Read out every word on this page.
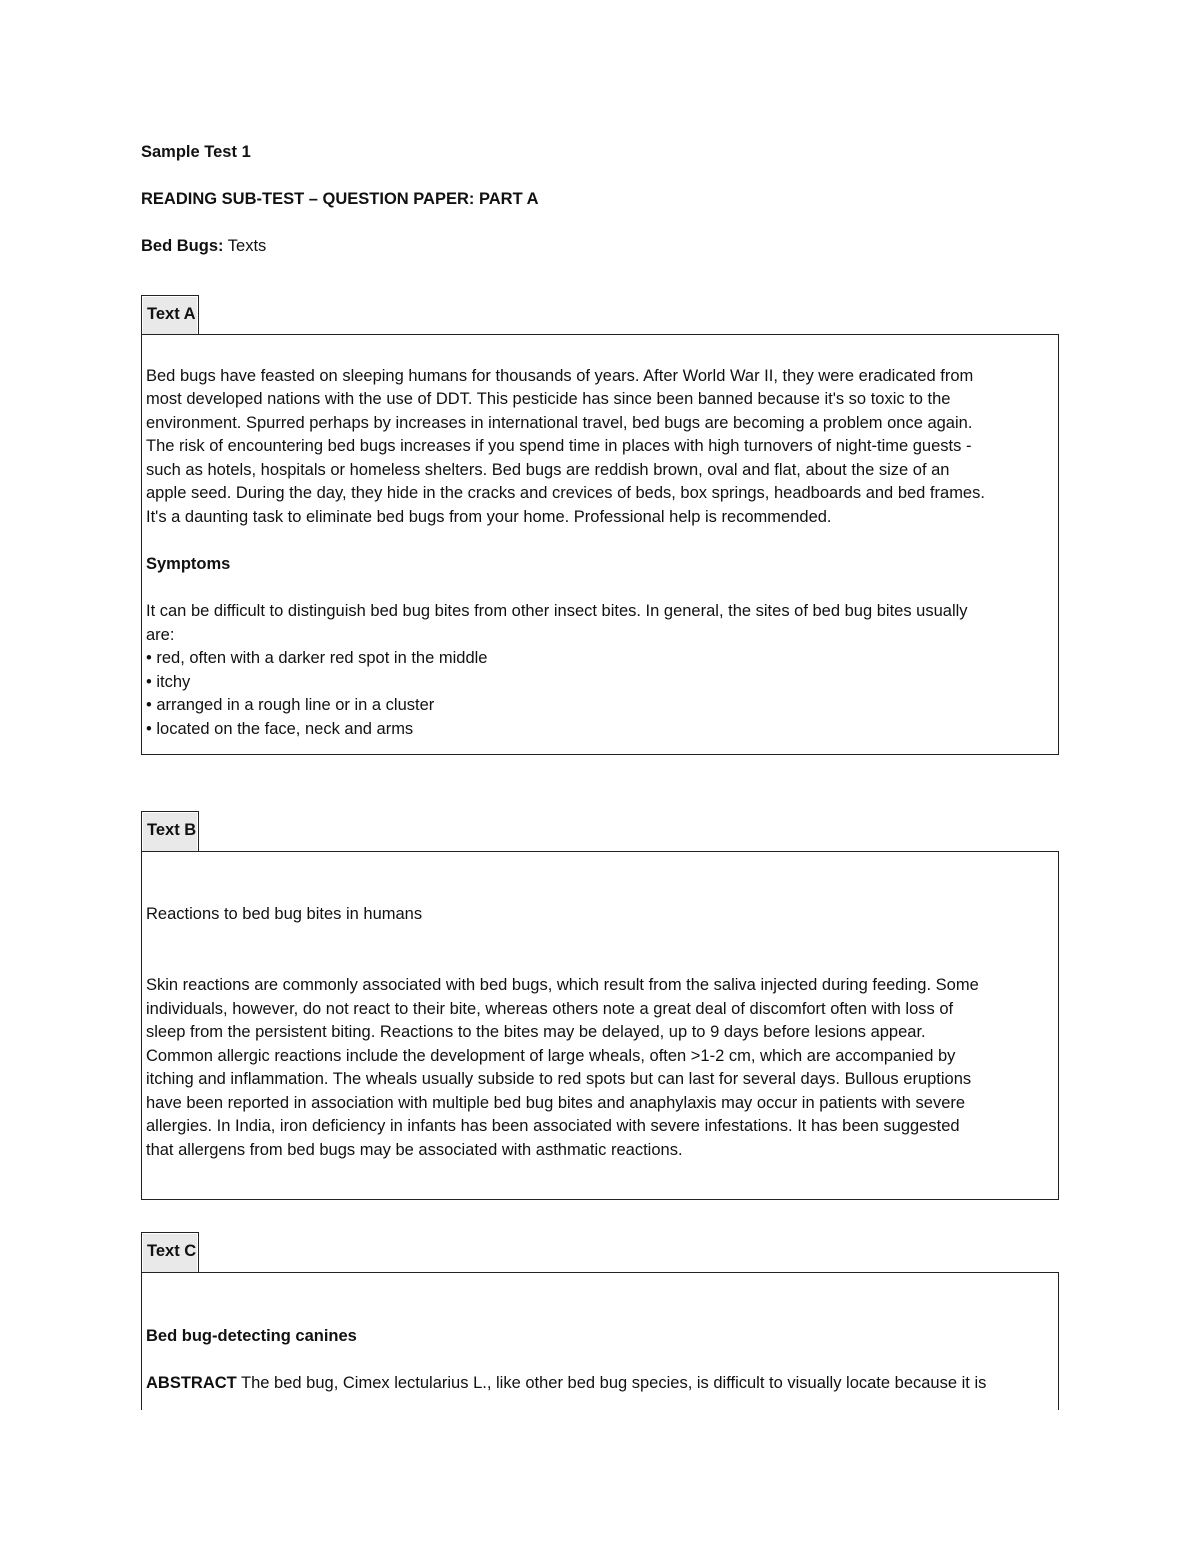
Sample Test 1
READING SUB-TEST – QUESTION PAPER: PART A
Bed Bugs: Texts
Text A
Bed bugs have feasted on sleeping humans for thousands of years. After World War II, they were eradicated from
most developed nations with the use of DDT. This pesticide has since been banned because it's so toxic to the
environment. Spurred perhaps by increases in international travel, bed bugs are becoming a problem once again.
The risk of encountering bed bugs increases if you spend time in places with high turnovers of night-time guests -
such as hotels, hospitals or homeless shelters. Bed bugs are reddish brown, oval and flat, about the size of an
apple seed. During the day, they hide in the cracks and crevices of beds, box springs, headboards and bed frames.
It's a daunting task to eliminate bed bugs from your home. Professional help is recommended.
Symptoms
It can be difficult to distinguish bed bug bites from other insect bites. In general, the sites of bed bug bites usually
are:
• red, often with a darker red spot in the middle
• itchy
• arranged in a rough line or in a cluster
• located on the face, neck and arms
Text B
Reactions to bed bug bites in humans
Skin reactions are commonly associated with bed bugs, which result from the saliva injected during feeding. Some
individuals, however, do not react to their bite, whereas others note a great deal of discomfort often with loss of
sleep from the persistent biting. Reactions to the bites may be delayed, up to 9 days before lesions appear.
Common allergic reactions include the development of large wheals, often >1-2 cm, which are accompanied by
itching and inflammation. The wheals usually subside to red spots but can last for several days. Bullous eruptions
have been reported in association with multiple bed bug bites and anaphylaxis may occur in patients with severe
allergies. In India, iron deficiency in infants has been associated with severe infestations. It has been suggested
that allergens from bed bugs may be associated with asthmatic reactions.
Text C
Bed bug-detecting canines
ABSTRACT The bed bug, Cimex lectularius L., like other bed bug species, is difficult to visually locate because it is
